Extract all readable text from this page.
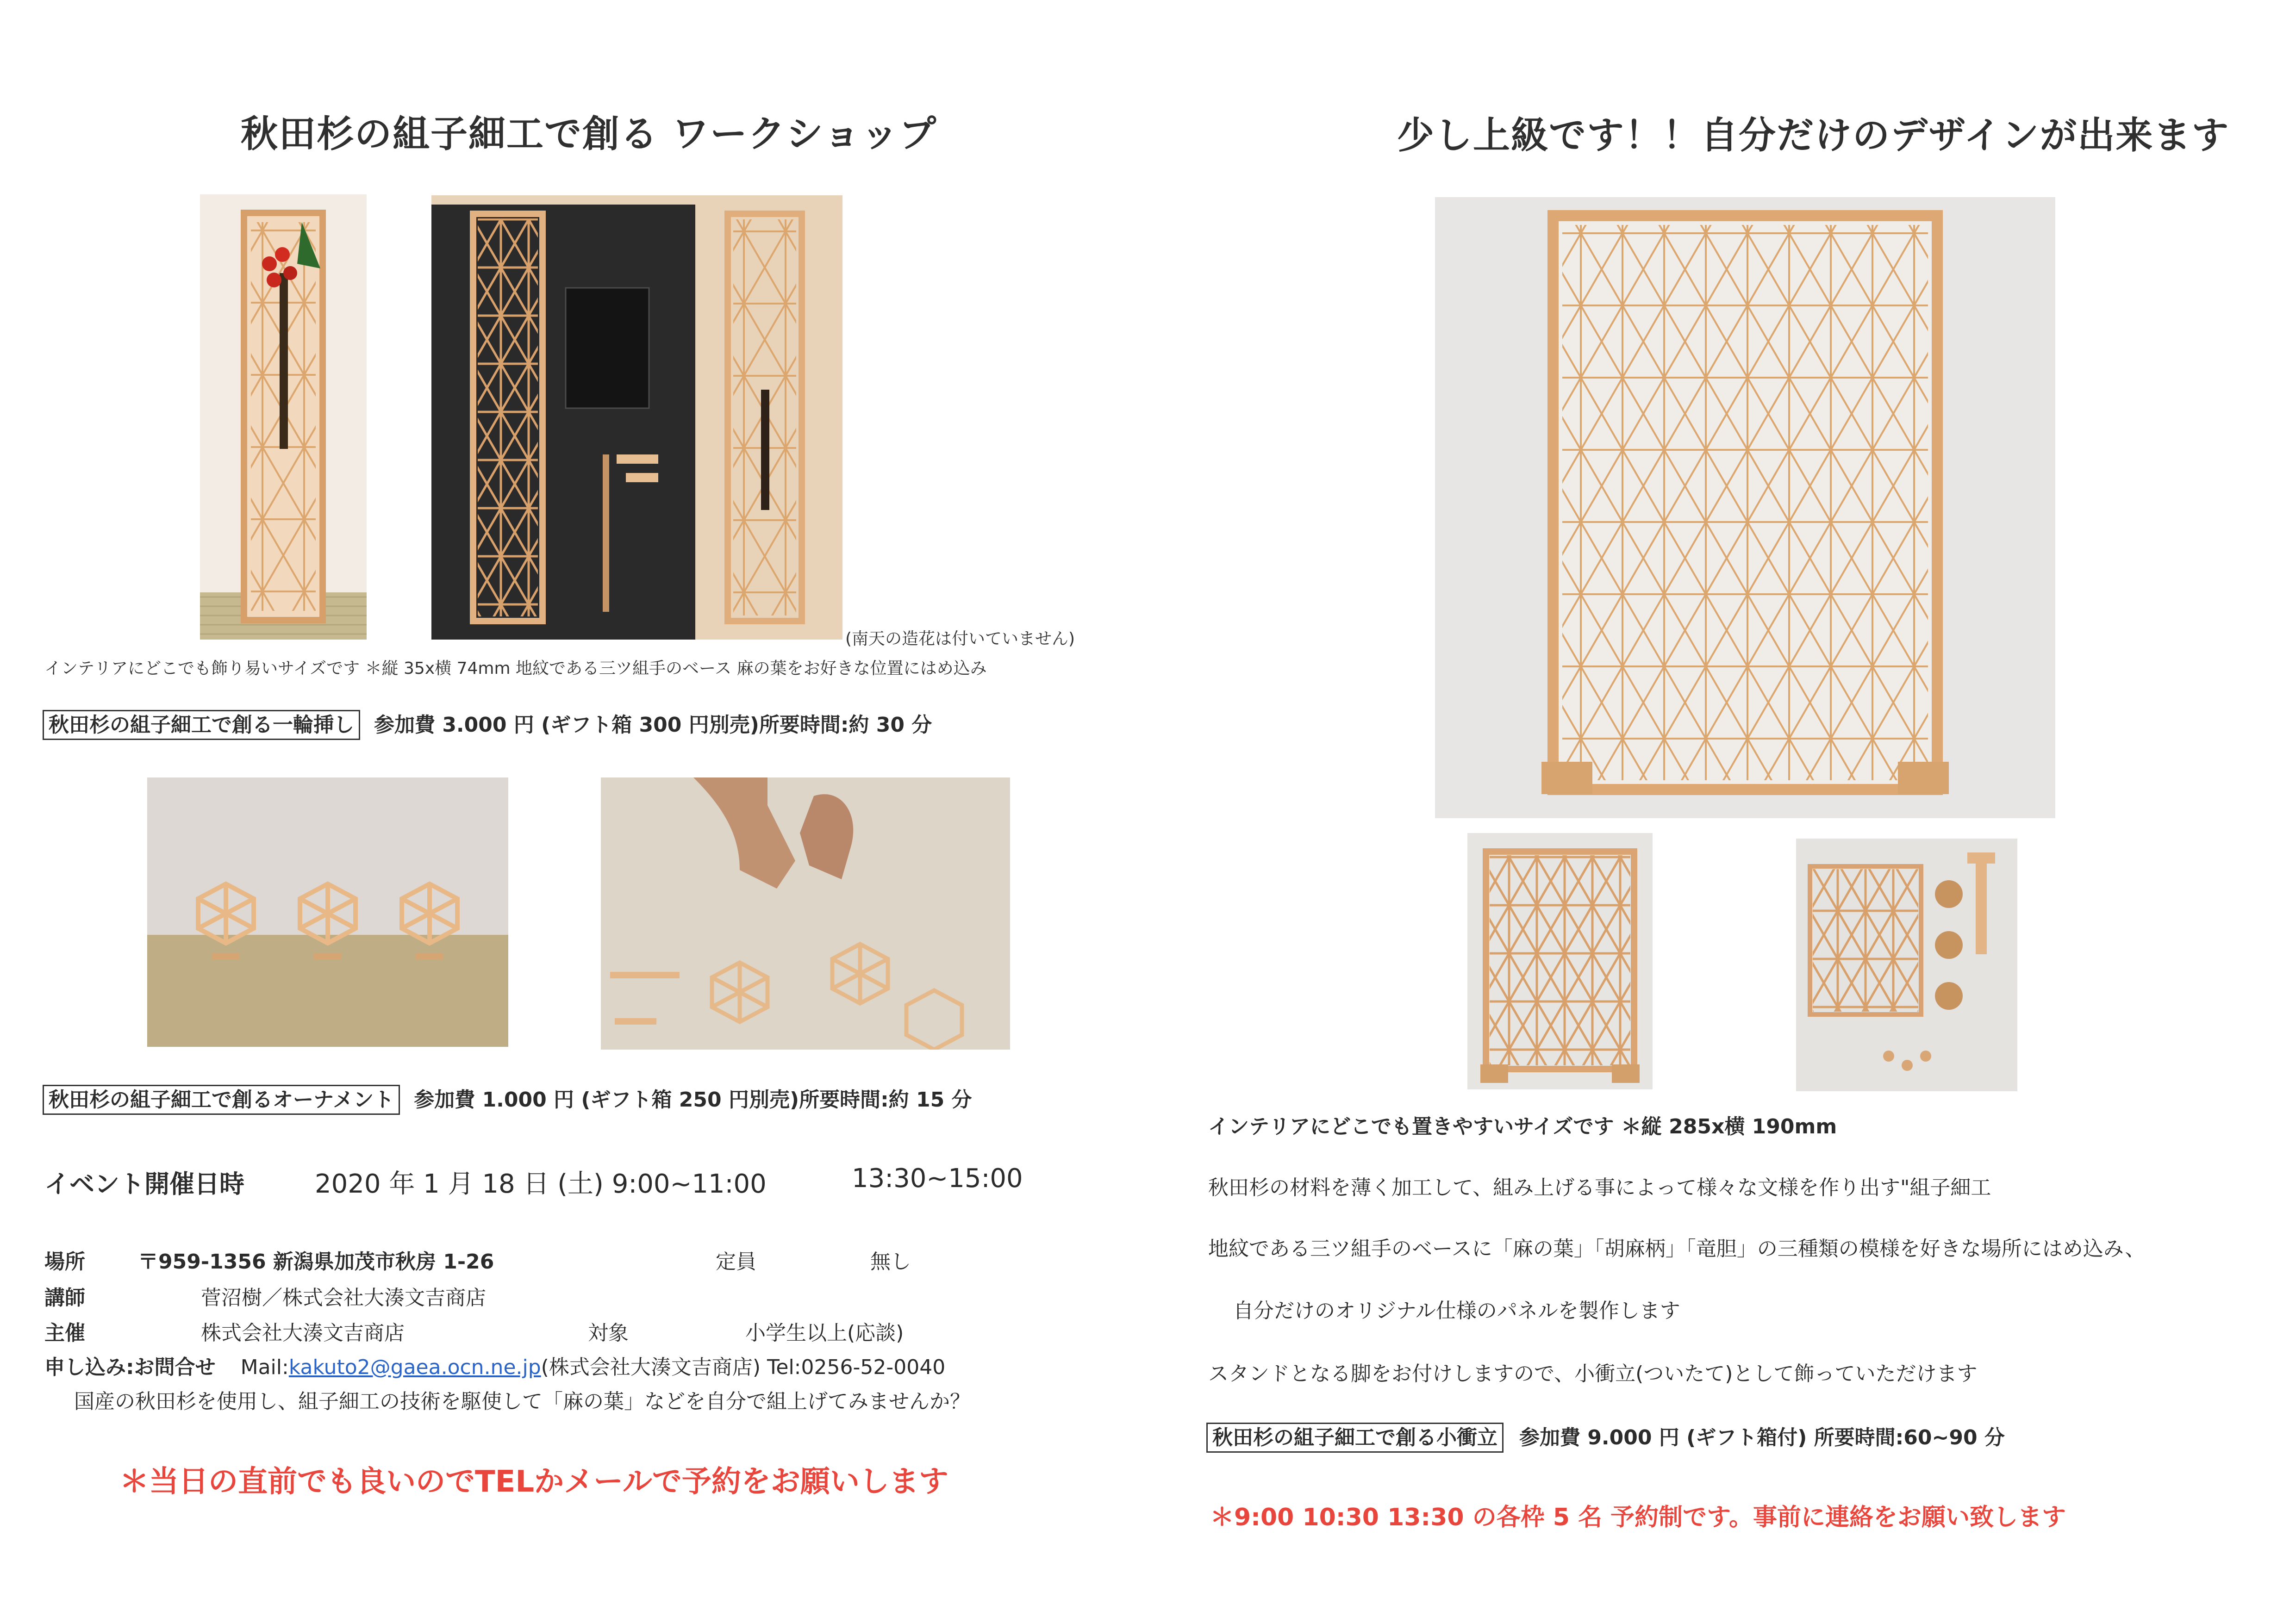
秋田杉の組子細工で創る ワークショップ
(南天の造花は付いていません)
インテリアにどこでも飾り易いサイズです ＊縦 35x横 74mm 地紋である三ツ組手のベース 麻の葉をお好きな位置にはめ込み
秋田杉の組子細工で創る一輪挿し 参加費 3.000 円 (ギフト箱 300 円別売)所要時間:約 30 分
秋田杉の組子細工で創るオーナメント 参加費 1.000 円 (ギフト箱 250 円別売)所要時間:約 15 分
イベント開催日時	2020 年 1 月 18 日 (土) 9:00~11:00	13:30~15:00
場所	〒959-1356 新潟県加茂市秋房 1-26	定員	無し
講師	菅沼樹／株式会社大湊文吉商店
主催	株式会社大湊文吉商店	対象	小学生以上(応談)
申し込み:お問合せ Mail:kakuto2@gaea.ocn.ne.jp(株式会社大湊文吉商店) Tel:0256-52-0040
国産の秋田杉を使用し、組子細工の技術を駆使して「麻の葉」などを自分で組上げてみませんか？
＊当日の直前でも良いのでTELかメールで予約をお願いします
少し上級です！！自分だけのデザインが出来ます
インテリアにどこでも置きやすいサイズです ＊縦 285x横 190mm
秋田杉の材料を薄く加工して、組み上げる事によって様々な文様を作り出す"組子細工
地紋である三ツ組手のベースに「麻の葉」「胡麻柄」「竜胆」の三種類の模様を好きな場所にはめ込み、
自分だけのオリジナル仕様のパネルを製作します
スタンドとなる脚をお付けしますので、小衝立(ついたて)として飾っていただけます
秋田杉の組子細工で創る小衝立 参加費 9.000 円 (ギフト箱付) 所要時間:60~90 分
＊9:00 10:30 13:30 の各枠 5 名 予約制です。事前に連絡をお願い致します
